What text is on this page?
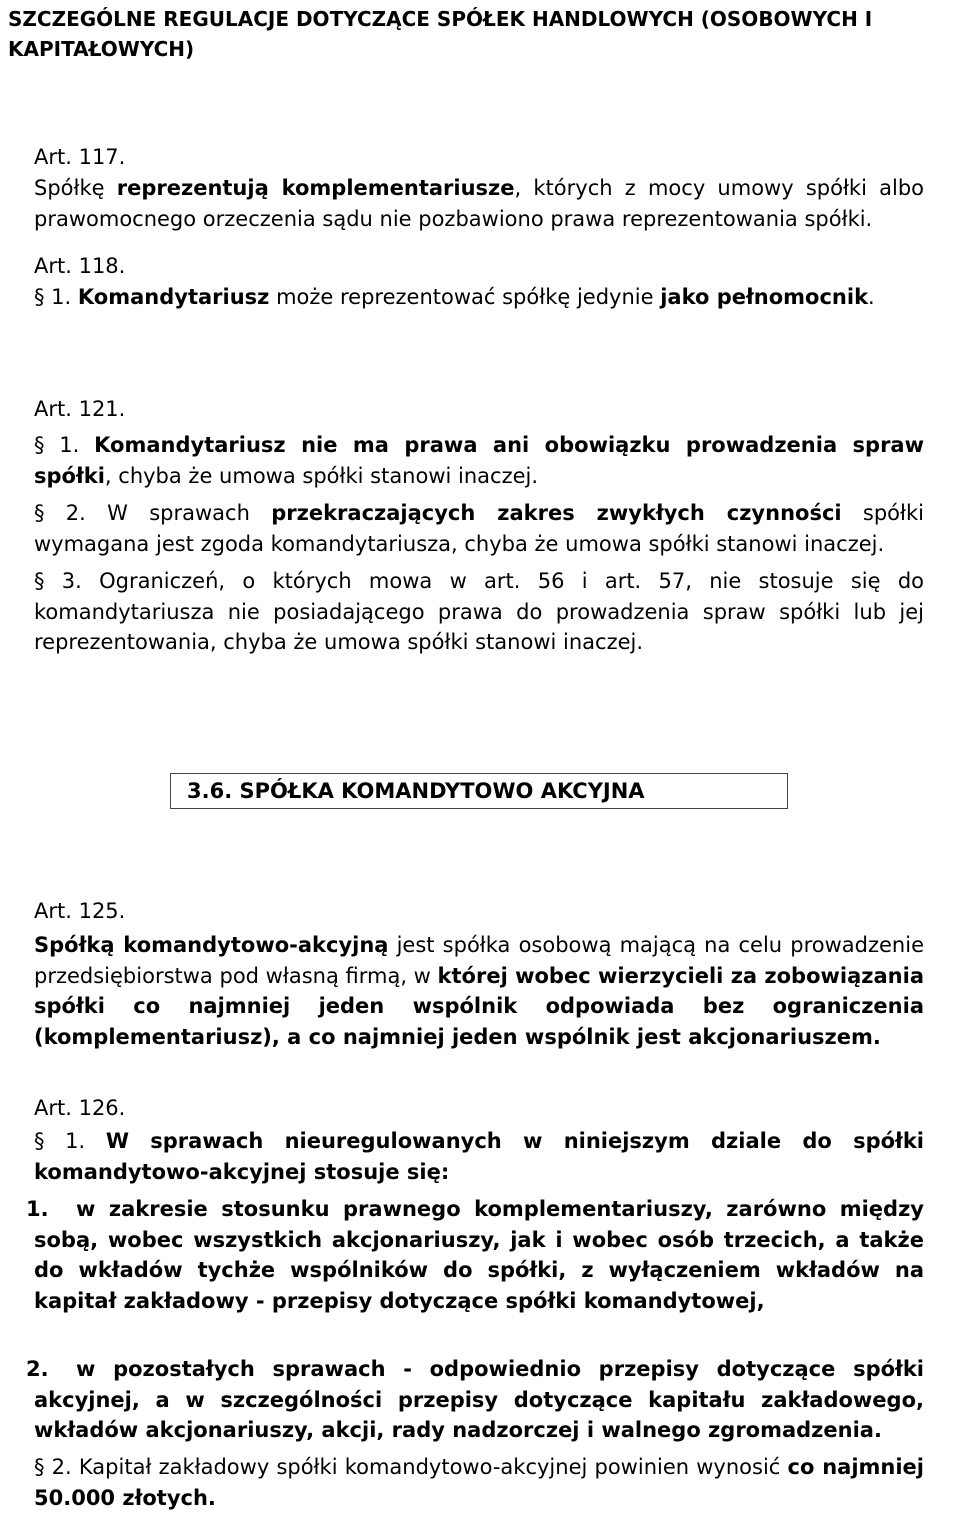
SZCZEGÓLNE REGULACJE DOTYCZĄCE SPÓŁEK HANDLOWYCH (OSOBOWYCH I KAPITAŁOWYCH)
Art. 117.

Spółkę reprezentują komplementariusze, których z mocy umowy spółki albo prawomocnego orzeczenia sądu nie pozbawiono prawa reprezentowania spółki.

Art. 118.

§ 1. Komandytariusz może reprezentować spółkę jedynie jako pełnomocnik.

Art. 121.

§ 1. Komandytariusz nie ma prawa ani obowiązku prowadzenia spraw spółki, chyba że umowa spółki stanowi inaczej.

§ 2. W sprawach przekraczających zakres zwykłych czynności spółki wymagana jest zgoda komandytariusza, chyba że umowa spółki stanowi inaczej.

§ 3. Ograniczeń, o których mowa w art. 56 i art. 57, nie stosuje się do komandytariusza nie posiadającego prawa do prowadzenia spraw spółki lub jej reprezentowania, chyba że umowa spółki stanowi inaczej.

3.6. SPÓŁKA KOMANDYTOWO AKCYJNA
Art. 125.

Spółką komandytowo-akcyjną jest spółka osobową mającą na celu prowadzenie przedsiębiorstwa pod własną firmą, w której wobec wierzycieli za zobowiązania spółki co najmniej jeden wspólnik odpowiada bez ograniczenia (komplementariusz), a co najmniej jeden wspólnik jest akcjonariuszem.

Art. 126.

§ 1. W sprawach nieuregulowanych w niniejszym dziale do spółki komandytowo-akcyjnej stosuje się:

1.	w zakresie stosunku prawnego komplementariuszy, zarówno między sobą, wobec wszystkich akcjonariuszy, jak i wobec osób trzecich, a także do wkładów tychże wspólników do spółki, z wyłączeniem wkładów na kapitał zakładowy - przepisy dotyczące spółki komandytowej,

2.	w pozostałych sprawach - odpowiednio przepisy dotyczące spółki akcyjnej, a w szczególności przepisy dotyczące kapitału zakładowego, wkładów akcjonariuszy, akcji, rady nadzorczej i walnego zgromadzenia.

§ 2. Kapitał zakładowy spółki komandytowo-akcyjnej powinien wynosić co najmniej 50.000 złotych.
